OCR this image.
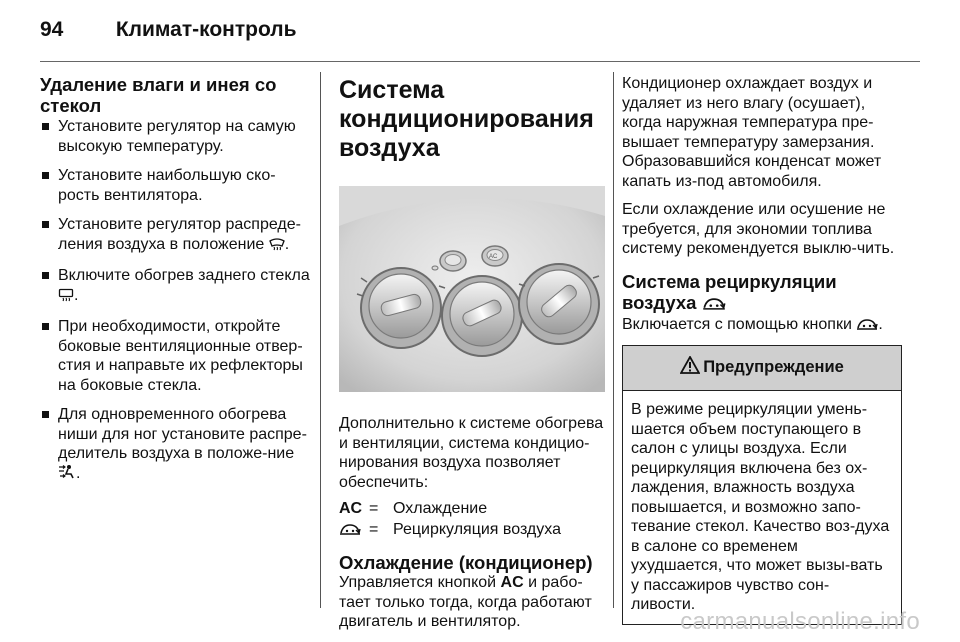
94 Климат-контроль
Удаление влаги и инея со стекол
Установите регулятор на самую высокую температуру.
Установите наибольшую ско-рость вентилятора.
Установите регулятор распреде-ления воздуха в положение .
Включите обогрев заднего стекла .
При необходимости, откройте боковые вентиляционные отвер-стия и направьте их рефлекторы на боковые стекла.
Для одновременного обогрева ниши для ног установите распре-делитель воздуха в положе-ние .
Система кондиционирования воздуха
AC

Дополнительно к системе обогрева и вентиляции, система кондицио-нирования воздуха позволяет обеспечить:

AC = Охлаждение
= Рециркуляция воздуха
Охлаждение (кондиционер)

Управляется кнопкой AC и рабо-тает только тогда, когда работают двигатель и вентилятор.

Кондиционер охлаждает воздух и удаляет из него влагу (осушает), когда наружная температура пре-вышает температуру замерзания. Образовавшийся конденсат может капать из-под автомобиля.

Если охлаждение или осушение не требуется, для экономии топлива систему рекомендуется выклю-чить.

Система рециркуляции воздуха

Включается с помощью кнопки .

Предупреждение
В режиме рециркуляции умень-шается объем поступающего в салон с улицы воздуха. Если рециркуляция включена без ох-лаждения, влажность воздуха повышается, и возможно запо-тевание стекол. Качество воз-духа в салоне со временем ухудшается, что может вызы-вать у пассажиров чувство сон-ливости.
carmanualsonline.info
